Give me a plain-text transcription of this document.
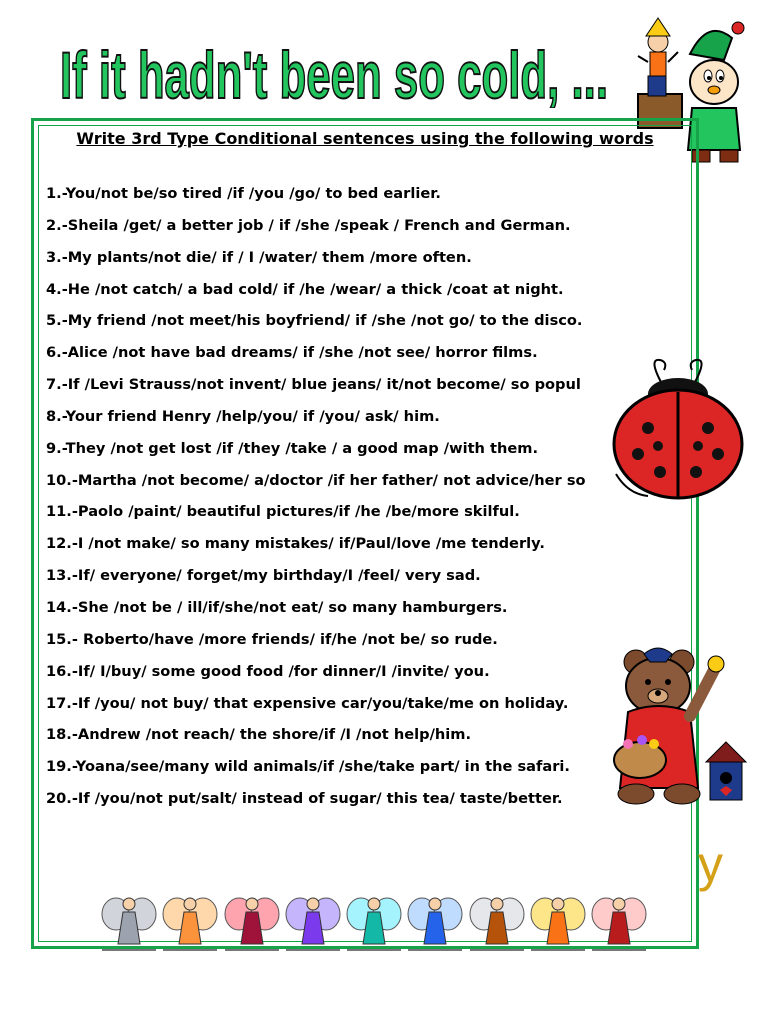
If it hadn't been so cold, ...
Write 3rd Type Conditional sentences using the following words
1.-You/not be/so tired /if /you /go/ to bed earlier.
2.-Sheila /get/ a better job / if /she /speak / French and German.
3.-My plants/not die/ if / I /water/ them /more often.
4.-He /not catch/ a bad cold/ if /he /wear/ a thick /coat at night.
5.-My friend /not meet/his boyfriend/ if /she /not go/ to the disco.
6.-Alice /not have bad dreams/ if /she /not see/ horror films.
7.-If /Levi Strauss/not invent/ blue jeans/ it/not become/ so popul
8.-Your friend Henry /help/you/ if /you/ ask/ him.
9.-They /not get lost /if /they /take / a good map /with them.
10.-Martha /not become/ a/doctor /if her father/ not advice/her so
11.-Paolo /paint/ beautiful pictures/if /he /be/more skilful.
12.-I /not make/ so many mistakes/ if/Paul/love /me tenderly.
13.-If/ everyone/ forget/my birthday/I /feel/ very sad.
14.-She /not be / ill/if/she/not eat/ so many hamburgers.
15.- Roberto/have /more friends/ if/he /not be/ so rude.
16.-If/ I/buy/ some good food /for dinner/I /invite/ you.
17.-If /you/ not buy/ that expensive car/you/take/me on holiday.
18.-Andrew /not reach/ the shore/if /I /not help/him.
19.-Yoana/see/many wild animals/if /she/take part/ in the safari.
20.-If /you/not put/salt/ instead of sugar/ this tea/ taste/better.
y
